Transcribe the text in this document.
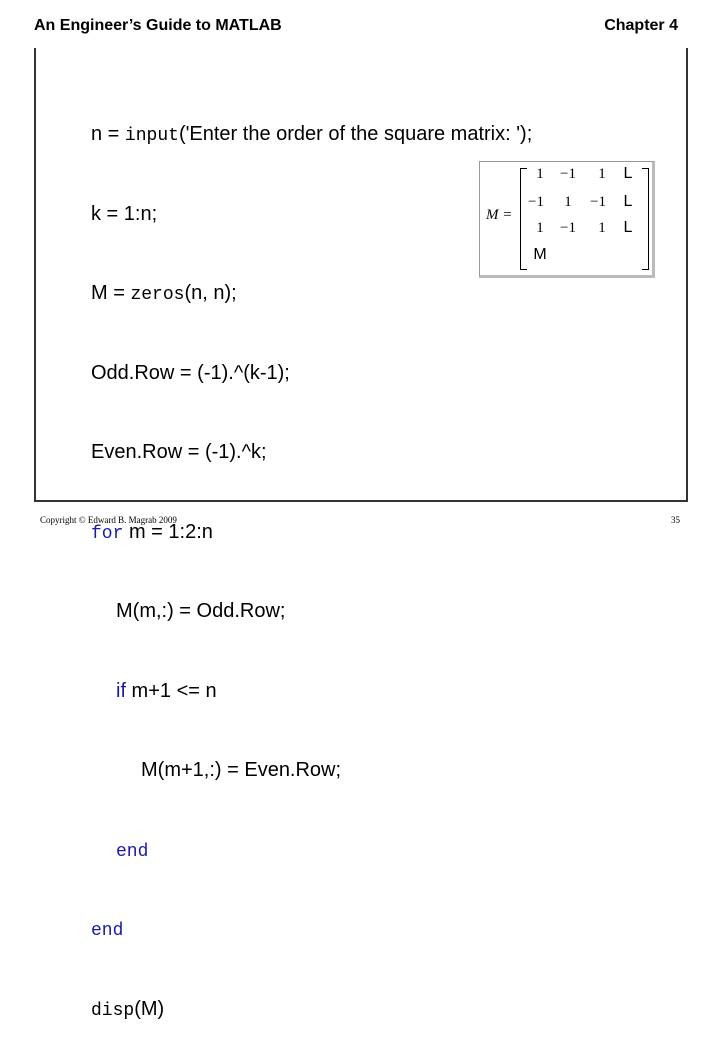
An Engineer’s Guide to MATLAB	Chapter 4

n = input('Enter the order of the square matrix: ');

k = 1:n;

M = zeros(n, n);

Odd.Row = (-1).^(k-1);

Even.Row = (-1).^k;

for m = 1:2:n

M(m,:) = Odd.Row;

if m+1 <= n

M(m+1,:) = Even.Row;

end

end

disp(M)

M =
1	−1	1	L
−1	1	−1	L
1	−1	1	L
M
Copyright © Edward B. Magrab 2009	35
